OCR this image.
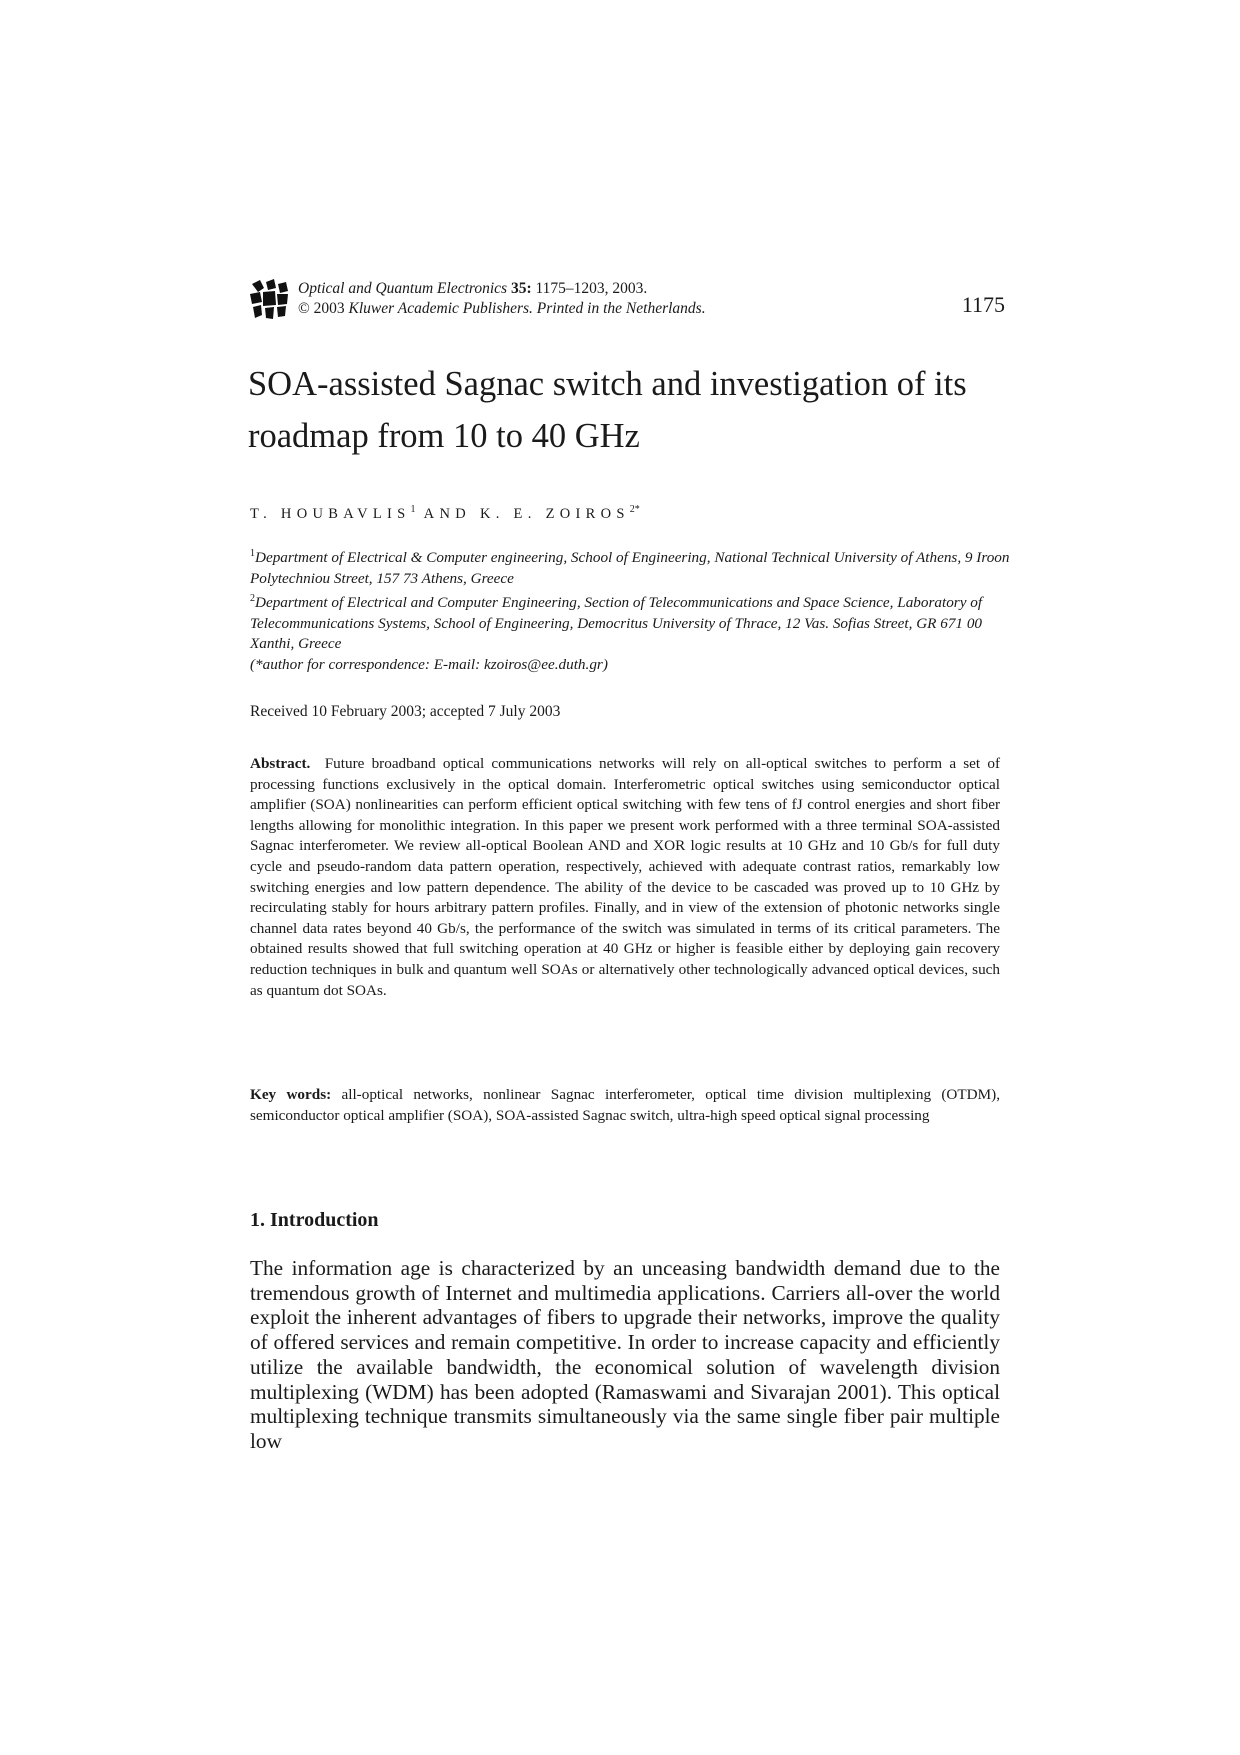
Optical and Quantum Electronics 35: 1175–1203, 2003.
© 2003 Kluwer Academic Publishers. Printed in the Netherlands.	1175
SOA-assisted Sagnac switch and investigation of its roadmap from 10 to 40 GHz
T. HOUBAVLIS$^1$ AND K. E. $ZOIROS^{2*}$

$^1$Department of Electrical & Computer engineering, School of Engineering, National Technical University of Athens, 9 Iroon Polytechniou Street, 157 73 Athens, Greece

$^2$Department of Electrical and Computer Engineering, Section of Telecommunications and Space Science, Laboratory of Telecommunications Systems, School of Engineering, Democritus University of Thrace, 12 Vas. Sofias Street, GR 671 00 Xanthi, Greece

(*author for correspondence: E-mail: kzoiros@ee.duth.gr)

Received 10 February 2003; accepted 7 July 2003

Abstract. Future broadband optical communications networks will rely on all-optical switches to perform a set of processing functions exclusively in the optical domain. Interferometric optical switches using semiconductor optical amplifier (SOA) nonlinearities can perform efficient optical switching with few tens of fJ control energies and short fiber lengths allowing for monolithic integration. In this paper we present work performed with a three terminal SOA-assisted Sagnac interferometer. We review all-optical Boolean AND and XOR logic results at 10 GHz and 10 Gb/s for full duty cycle and pseudo-random data pattern operation, respectively, achieved with adequate contrast ratios, remarkably low switching energies and low pattern dependence. The ability of the device to be cascaded was proved up to 10 GHz by recirculating stably for hours arbitrary pattern profiles. Finally, and in view of the extension of photonic networks single channel data rates beyond 40 Gb/s, the performance of the switch was simulated in terms of its critical parameters. The obtained results showed that full switching operation at 40 GHz or higher is feasible either by deploying gain recovery reduction techniques in bulk and quantum well SOAs or alternatively other technologically advanced optical devices, such as quantum dot SOAs.

Key words: all-optical networks, nonlinear Sagnac interferometer, optical time division multiplexing (OTDM), semiconductor optical amplifier (SOA), SOA-assisted Sagnac switch, ultra-high speed optical signal processing

1. Introduction

The information age is characterized by an unceasing bandwidth demand due to the tremendous growth of Internet and multimedia applications. Carriers all-over the world exploit the inherent advantages of fibers to upgrade their networks, improve the quality of offered services and remain competitive. In order to increase capacity and efficiently utilize the available bandwidth, the economical solution of wavelength division multiplexing (WDM) has been adopted (Ramaswami and Sivarajan 2001). This optical multiplexing technique transmits simultaneously via the same single fiber pair multiple low
